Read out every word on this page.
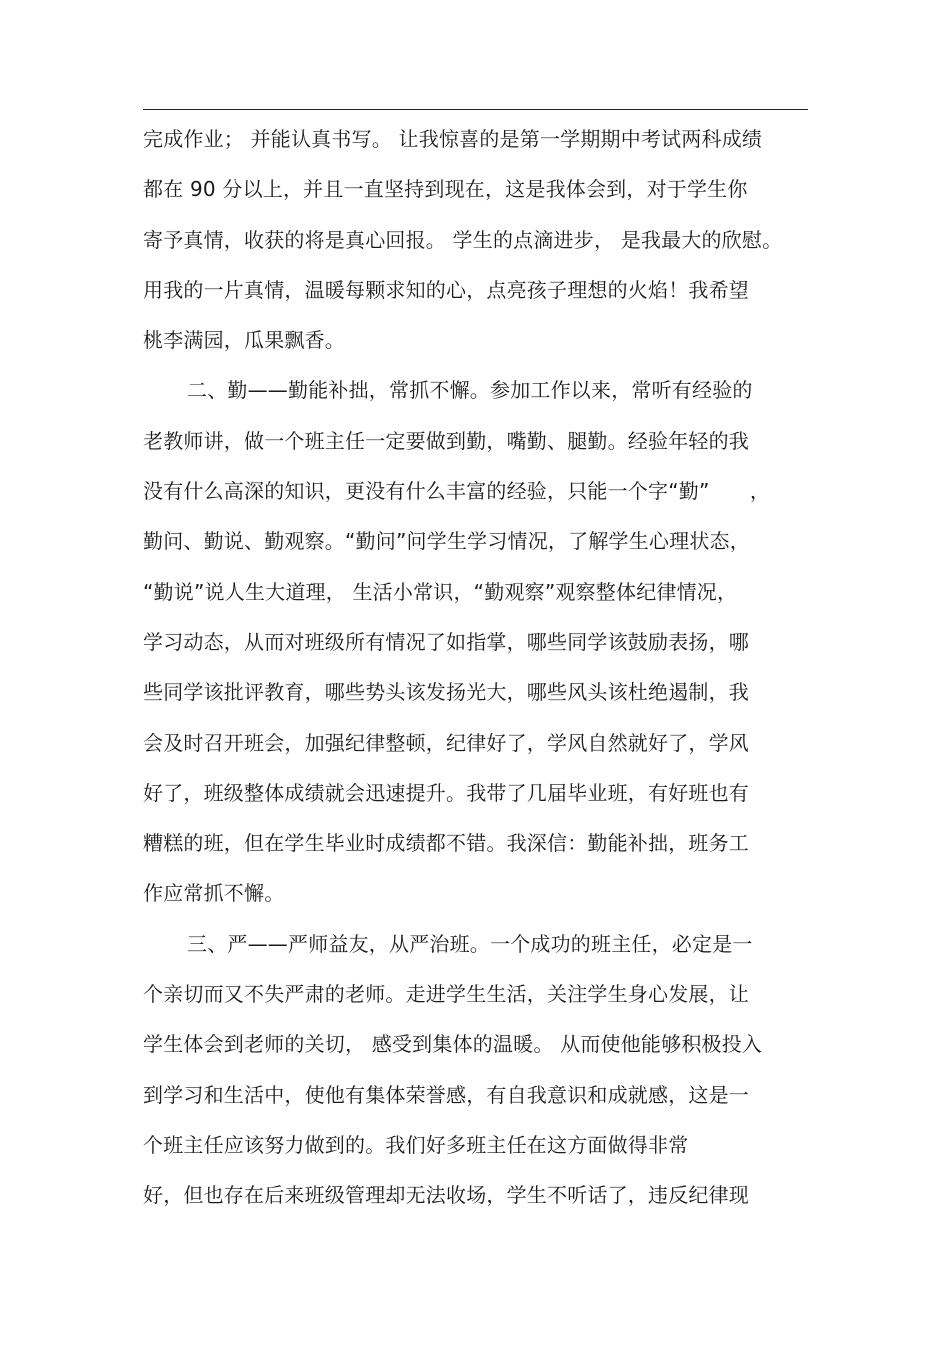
完成作业； 并能认真书写。 让我惊喜的是第一学期期中考试两科成绩
都在 90 分以上，并且一直坚持到现在，这是我体会到，对于学生你
寄予真情，收获的将是真心回报。 学生的点滴进步， 是我最大的欣慰。
用我的一片真情，温暖每颗求知的心，点亮孩子理想的火焰！我希望
桃李满园，瓜果飘香。
二、勤——勤能补拙，常抓不懈。参加工作以来，常听有经验的
老教师讲，做一个班主任一定要做到勤，嘴勤、腿勤。经验年轻的我
没有什么高深的知识，更没有什么丰富的经验，只能一个字“勤”　　，
勤问、勤说、勤观察。“勤问”问学生学习情况，了解学生心理状态，
“勤说”说人生大道理， 生活小常识，“勤观察”观察整体纪律情况，
学习动态，从而对班级所有情况了如指掌，哪些同学该鼓励表扬，哪
些同学该批评教育，哪些势头该发扬光大，哪些风头该杜绝遏制，我
会及时召开班会，加强纪律整顿，纪律好了，学风自然就好了，学风
好了，班级整体成绩就会迅速提升。我带了几届毕业班，有好班也有
糟糕的班，但在学生毕业时成绩都不错。我深信：勤能补拙，班务工
作应常抓不懈。
三、严——严师益友，从严治班。一个成功的班主任，必定是一
个亲切而又不失严肃的老师。走进学生生活，关注学生身心发展，让
学生体会到老师的关切， 感受到集体的温暖。 从而使他能够积极投入
到学习和生活中，使他有集体荣誉感，有自我意识和成就感，这是一
个班主任应该努力做到的。我们好多班主任在这方面做得非常
好，但也存在后来班级管理却无法收场，学生不听话了，违反纪律现
